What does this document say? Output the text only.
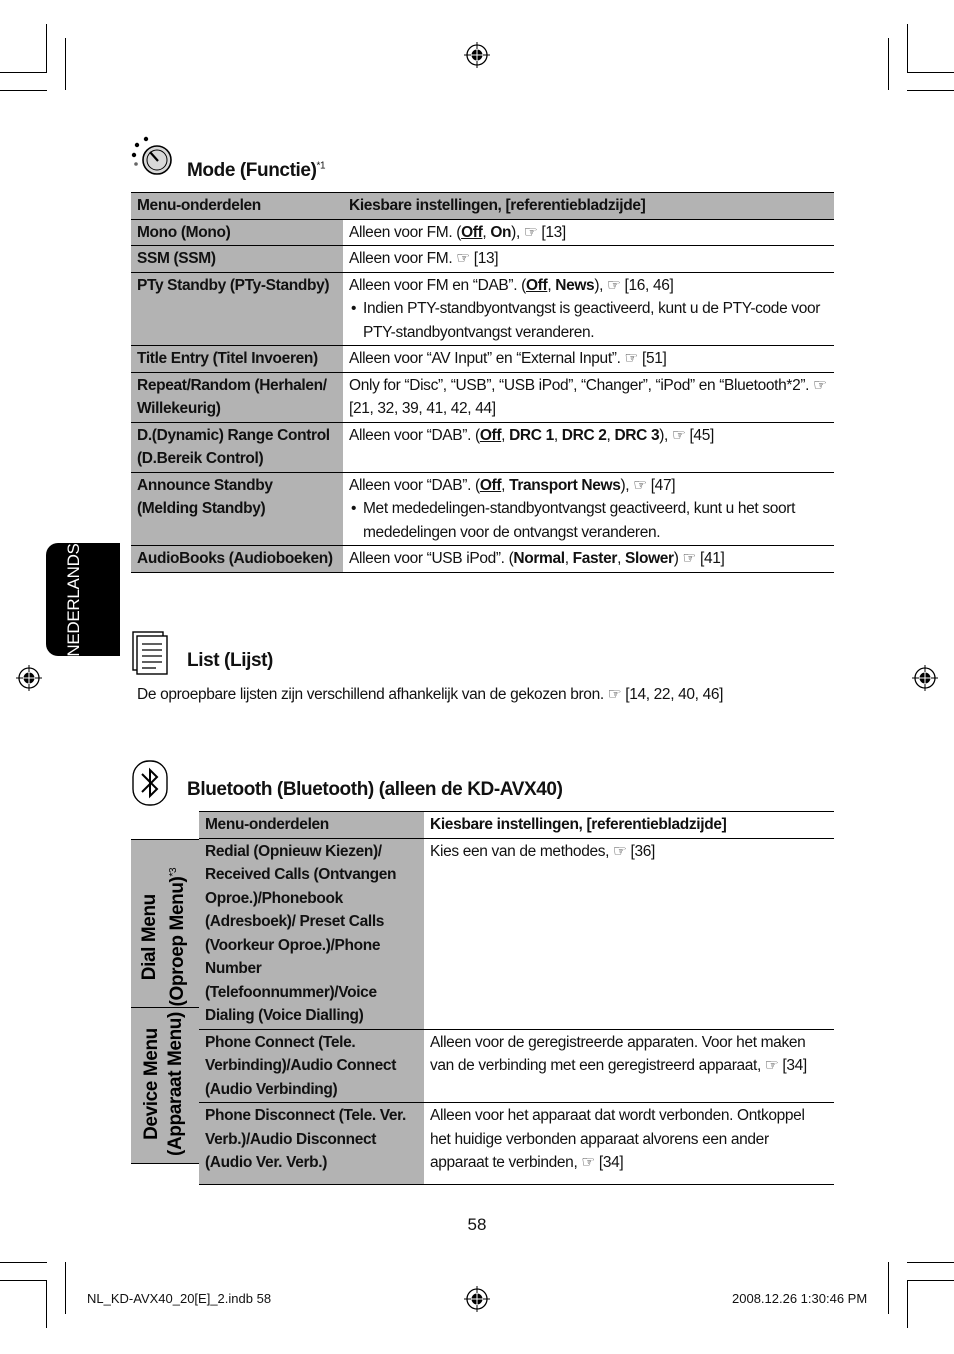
NEDERLANDS
Mode (Functie)$^{*1}$
Menu-onderdelen	Kiesbare instellingen, [referentiebladzijde]
Mono (Mono)	Alleen voor FM. (Off, On), ☞ [13]

SSM (SSM)	Alleen voor FM. ☞ [13]

PTy Standby (PTy-Standby)	Alleen voor FM en “DAB”. (Off, News), ☞ [16, 46]
• Indien PTY-standbyontvangst is geactiveerd, kunt u de PTY-code voor PTY-standbyontvangst veranderen.

Title Entry (Titel Invoeren)	Alleen voor “AV Input” en “External Input”. ☞ [51]

Repeat/Random (Herhalen/ Willekeurig)	Only for “Disc”, “USB”, “USB iPod”, “Changer”, “iPod” en “Bluetooth*2”. ☞ [21, 32, 39, 41, 42, 44]

D.(Dynamic) Range Control (D.Bereik Control)	Alleen voor “DAB”. (Off, DRC 1, DRC 2, DRC 3), ☞ [45]

Announce Standby (Melding Standby)	Alleen voor “DAB”. (Off, Transport News), ☞ [47]
• Met mededelingen-standbyontvangst geactiveerd, kunt u het soort mededelingen voor de ontvangst veranderen.

AudioBooks (Audioboeken)	Alleen voor “USB iPod”. (Normal, Faster, Slower) ☞ [41]
List (Lijst)
De oproepbare lijsten zijn verschillend afhankelijk van de gekozen bron. ☞ [14, 22, 40, 46]
Bluetooth (Bluetooth) (alleen de KD-AVX40)
Dial Menu (Oproep Menu)$^{*3}$
Device Menu (Apparaat Menu)
Menu-onderdelen	Kiesbare instellingen, [referentiebladzijde]
Redial (Opnieuw Kiezen)/ Received Calls (Ontvangen Oproe.)/Phonebook (Adresboek)/ Preset Calls (Voorkeur Oproe.)/Phone Number (Telefoonnummer)/Voice Dialing (Voice Dialling)	Kies een van de methodes, ☞ [36]
Phone Connect (Tele. Verbinding)/Audio Connect (Audio Verbinding)	Alleen voor de geregistreerde apparaten. Voor het maken van de verbinding met een geregistreerd apparaat, ☞ [34]
Phone Disconnect (Tele. Ver. Verb.)/Audio Disconnect (Audio Ver. Verb.)	Alleen voor het apparaat dat wordt verbonden. Ontkoppel het huidige verbonden apparaat alvorens een ander apparaat te verbinden, ☞ [34]
58
NL_KD-AVX40_20[E]_2.indb 58	2008.12.26 1:30:46 PM
